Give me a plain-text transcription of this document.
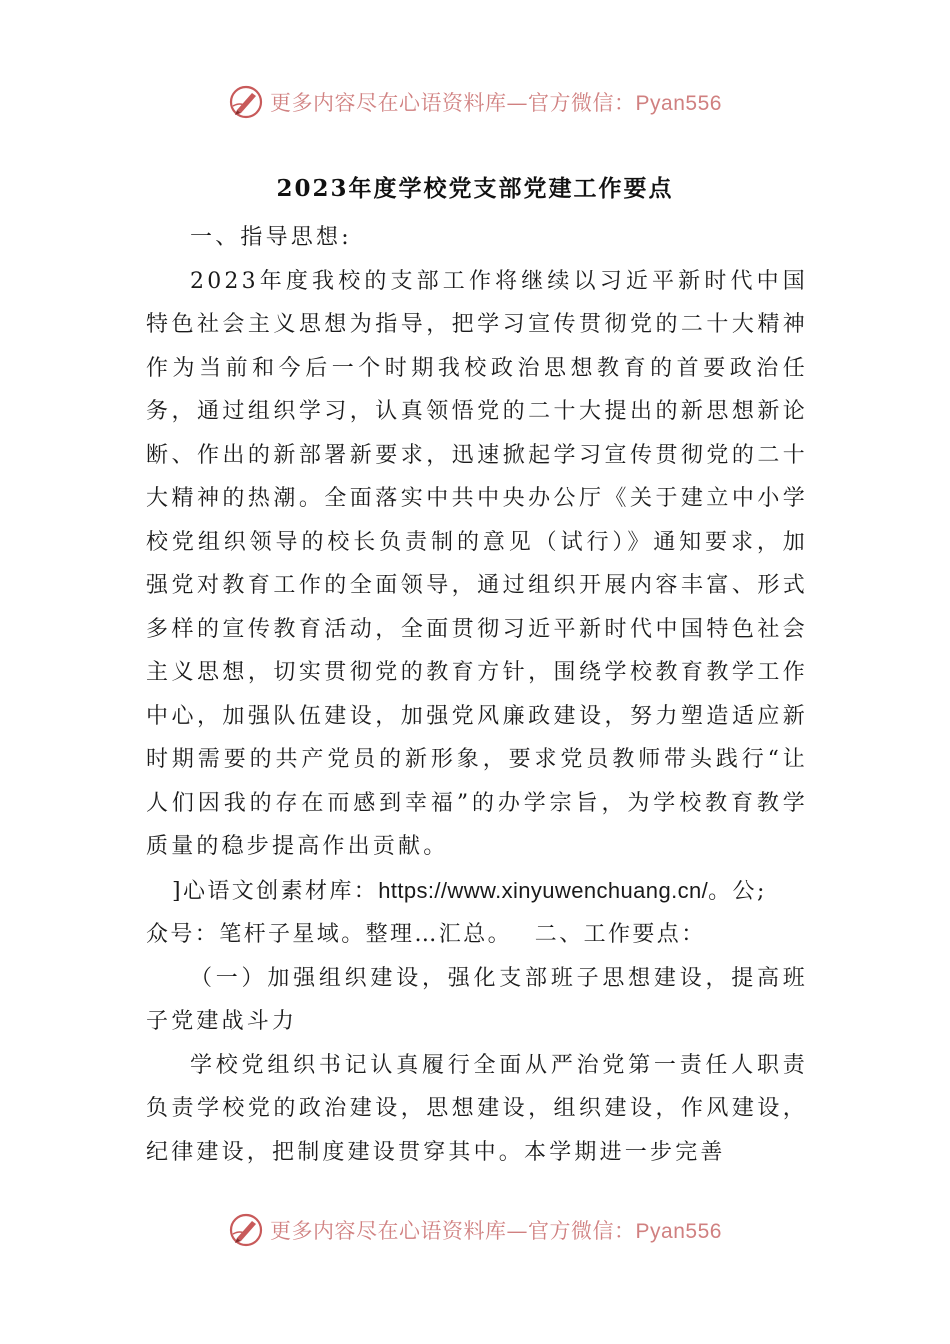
更多内容尽在心语资料库—官方微信：Pyan556
2023年度学校党支部党建工作要点

一、指导思想:

2023年度我校的支部工作将继续以习近平新时代中国特色社会主义思想为指导，把学习宣传贯彻党的二十大精神作为当前和今后一个时期我校政治思想教育的首要政治任务，通过组织学习，认真领悟党的二十大提出的新思想新论断、作出的新部署新要求，迅速掀起学习宣传贯彻党的二十大精神的热潮。全面落实中共中央办公厅《关于建立中小学校党组织领导的校长负责制的意见（试行）》通知要求，加强党对教育工作的全面领导，通过组织开展内容丰富、形式多样的宣传教育活动，全面贯彻习近平新时代中国特色社会主义思想，切实贯彻党的教育方针，围绕学校教育教学工作中心，加强队伍建设，加强党风廉政建设，努力塑造适应新时期需要的共产党员的新形象，要求党员教师带头践行“让人们因我的存在而感到幸福”的办学宗旨，为学校教育教学质量的稳步提高作出贡献。

]心语文创素材库：https://www.xinyuwenchuang.cn/。公;

众号：笔杆子星域。整理…汇总。　 二、工作要点：

（一）加强组织建设，强化支部班子思想建设，提高班子党建战斗力

学校党组织书记认真履行全面从严治党第一责任人职责负责学校党的政治建设，思想建设，组织建设，作风建设，纪律建设，把制度建设贯穿其中。本学期进一步完善

更多内容尽在心语资料库—官方微信：Pyan556
